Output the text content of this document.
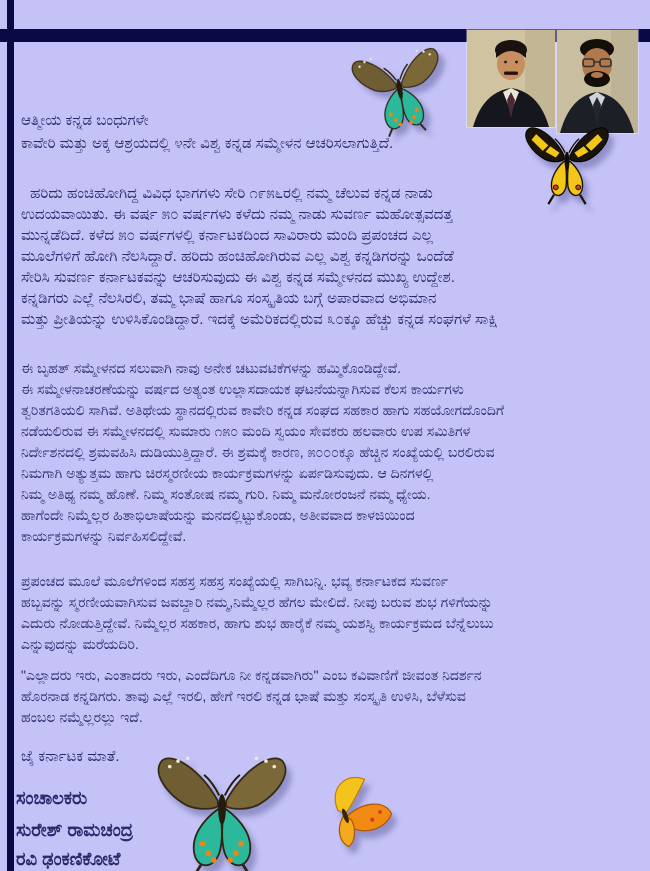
ಆತ್ಮೀಯ ಕನ್ನಡ ಬಂಧುಗಳೇ
ಕಾವೇರಿ ಮತ್ತು ಅಕ್ಕ ಆಶ್ರಯದಲ್ಲಿ ೪ನೇ ವಿಶ್ವ ಕನ್ನಡ ಸಮ್ಮೇಳನ ಆಚರಿಸಲಾಗುತ್ತಿದೆ.
ಹರಿದು ಹಂಚಿಹೋಗಿದ್ದ ವಿವಿಧ ಭಾಗಗಳು ಸೇರಿ ೧೯೫೬ರಲ್ಲಿ ನಮ್ಮ ಚೆಲುವ ಕನ್ನಡ ನಾಡು
ಉದಯವಾಯಿತು. ಈ ವರ್ಷ ೫೦ ವರ್ಷಗಳು ಕಳೆದು ನಮ್ಮ ನಾಡು ಸುವರ್ಣ ಮಹೋತ್ಸವದತ್ತ
ಮುನ್ನಡೆದಿದೆ. ಕಳೆದ ೫೦ ವರ್ಷಗಳಲ್ಲಿ ಕರ್ನಾಟಕದಿಂದ ಸಾವಿರಾರು ಮಂದಿ ಪ್ರಪಂಚದ ಎಲ್ಲ
ಮೂಲೆಗಳಿಗೆ ಹೋಗಿ ನೆಲಸಿದ್ದಾರೆ. ಹರಿದು ಹಂಚಿಹೋಗಿರುವ ಎಲ್ಲ ವಿಶ್ವ ಕನ್ನಡಿಗರನ್ನು ಒಂದೆಡೆ
ಸೇರಿಸಿ ಸುವರ್ಣ ಕರ್ನಾಟಕವನ್ನು ಆಚರಿಸುವುದು ಈ ವಿಶ್ವ ಕನ್ನಡ ಸಮ್ಮೇಳನದ ಮುಖ್ಯ ಉದ್ದೇಶ.
ಕನ್ನಡಿಗರು ಎಲ್ಲೆ ನೆಲಸಿರಲಿ, ತಮ್ಮ ಭಾಷೆ ಹಾಗೂ ಸಂಸ್ಕೃತಿಯ ಬಗ್ಗೆ ಅಪಾರವಾದ ಅಭಿಮಾನ
ಮತ್ತು ಪ್ರೀತಿಯನ್ನು ಉಳಿಸಿಕೊಂಡಿದ್ದಾರೆ. ಇದಕ್ಕೆ ಅಮೆರಿಕದಲ್ಲಿರುವ ೩೦ಕ್ಕೂ ಹೆಚ್ಚು ಕನ್ನಡ ಸಂಘಗಳೆ ಸಾಕ್ಷಿ
ಈ ಬೃಹತ್ ಸಮ್ಮೇಳನದ ಸಲುವಾಗಿ ನಾವು ಅನೇಕ ಚಟುವಟಿಕೆಗಳನ್ನು ಹಮ್ಮಿಕೊಂಡಿದ್ದೇವೆ.
ಈ ಸಮ್ಮೇಳನಾಚರಣೆಯನ್ನು ವರ್ಷದ ಅತ್ಯಂತ ಉಲ್ಲಾಸದಾಯಕ ಘಟನೆಯನ್ನಾಗಿಸುವ ಕೆಲಸ ಕಾರ್ಯಗಳು
ತ್ವರಿತಗತಿಯಲಿ ಸಾಗಿವೆ. ಅತಿಥೇಯ ಸ್ಥಾನದಲ್ಲಿರುವ ಕಾವೇರಿ ಕನ್ನಡ ಸಂಘದ ಸಹಕಾರ ಹಾಗು ಸಹಯೋಗದೊಂದಿಗೆ
ನಡೆಯಲಿರುವ ಈ ಸಮ್ಮೇಳನದಲ್ಲಿ ಸುಮಾರು ೧೫೦ ಮಂದಿ ಸ್ವಯಂ ಸೇವಕರು ಹಲವಾರು ಉಪ ಸಮಿತಿಗಳ
ನಿರ್ದೇಶನದಲ್ಲಿ ಶ್ರಮವಹಿಸಿ ದುಡಿಯುತ್ತಿದ್ದಾರೆ. ಈ ಶ್ರಮಕ್ಕೆ ಕಾರಣ, ೫೦೦೦ಕ್ಕೂ ಹೆಚ್ಚಿನ ಸಂಖ್ಯೆಯಲ್ಲಿ ಬರಲಿರುವ
ನಿಮಗಾಗಿ ಅತ್ಯುತ್ತಮ ಹಾಗು ಚಿರಸ್ಮರಣೀಯ ಕಾರ್ಯಕ್ರಮಗಳನ್ನು ಏರ್ಪಡಿಸುವುದು. ಆ ದಿನಗಳಲ್ಲಿ
ನಿಮ್ಮ ಅತಿಥ್ಯ ನಮ್ಮ ಹೊಣೆ. ನಿಮ್ಮ ಸಂತೋಷ ನಮ್ಮ ಗುರಿ. ನಿಮ್ಮ ಮನೋರಂಜನೆ ನಮ್ಮ ಧ್ಯೇಯ.
ಹಾಗೆಂದೇ ನಿಮ್ಮೆಲ್ಲರ ಹಿತಾಭಿಲಾಷೆಯನ್ನು ಮನದಲ್ಲಿಟ್ಟುಕೊಂಡು, ಅತೀವವಾದ ಕಾಳಜಿಯಿಂದ
ಕಾರ್ಯಕ್ರಮಗಳನ್ನು ನಿರ್ವಹಿಸಲಿದ್ದೇವೆ.
ಪ್ರಪಂಚದ ಮೂಲೆ ಮೂಲೆಗಳಿಂದ ಸಹಸ್ರ ಸಹಸ್ರ ಸಂಖ್ಯೆಯಲ್ಲಿ ಸಾಗಿಬನ್ನಿ. ಭವ್ಯ ಕರ್ನಾಟಕದ ಸುವರ್ಣ
ಹಬ್ಬವನ್ನು ಸ್ಮರಣೀಯವಾಗಿಸುವ ಜವಬ್ದಾರಿ ನಮ್ಮ,ನಿಮ್ಮೆಲ್ಲರ ಹೆಗಲ ಮೇಲಿದೆ. ನೀವು ಬರುವ ಶುಭ ಗಳಿಗೆಯನ್ನು
ಎದುರು ನೋಡುತ್ತಿದ್ದೇವೆ. ನಿಮ್ಮೆಲ್ಲರ ಸಹಕಾರ, ಹಾಗು ಶುಭ ಹಾರೈಕೆ ನಮ್ಮ ಯಶಸ್ವಿ ಕಾರ್ಯಕ್ರಮದ ಬೆನ್ನೆಲುಬು
ಎನ್ನುವುದನ್ನು ಮರೆಯದಿರಿ.
"ಎಲ್ಲಾದರು ಇರು, ಎಂತಾದರು ಇರು, ಎಂದೆದಿಗೂ ನೀ ಕನ್ನಡವಾಗಿರು" ಎಂಬ ಕವಿವಾಣಿಗೆ ಜೀವಂತ ನಿದರ್ಶನ
ಹೊರನಾಡ ಕನ್ನಡಿಗರು. ತಾವು ಎಲ್ಲೆ ಇರಲಿ, ಹೇಗೆ ಇರಲಿ ಕನ್ನಡ ಭಾಷೆ ಮತ್ತು ಸಂಸ್ಕೃತಿ ಉಳಿಸಿ, ಬೆಳೆಸುವ
ಹಂಬಲ ನಮ್ಮೆಲ್ಲರಲ್ಲು ಇದೆ.
ಜೈ ಕರ್ನಾಟಕ ಮಾತೆ.
ಸಂಚಾಲಕರು
ಸುರೇಶ್ ರಾಮಚಂದ್ರ
ರವಿ ಢಂಕಣಿಕೋಟೆ
